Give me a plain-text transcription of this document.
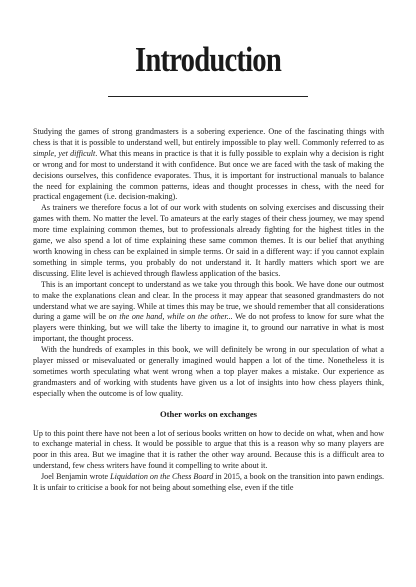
Introduction

Studying the games of strong grandmasters is a sobering experience. One of the fascinating things with chess is that it is possible to understand well, but entirely impossible to play well. Commonly referred to as simple, yet difficult. What this means in practice is that it is fully possible to explain why a decision is right or wrong and for most to understand it with confidence. But once we are faced with the task of making the decisions ourselves, this confidence evaporates. Thus, it is important for instructional manuals to balance the need for explaining the common patterns, ideas and thought processes in chess, with the need for practical engagement (i.e. decision-making).

As trainers we therefore focus a lot of our work with students on solving exercises and discussing their games with them. No matter the level. To amateurs at the early stages of their chess journey, we may spend more time explaining common themes, but to professionals already fighting for the highest titles in the game, we also spend a lot of time explaining these same common themes. It is our belief that anything worth knowing in chess can be explained in simple terms. Or said in a different way: if you cannot explain something in simple terms, you probably do not understand it. It hardly matters which sport we are discussing. Elite level is achieved through flawless application of the basics.

This is an important concept to understand as we take you through this book. We have done our outmost to make the explanations clean and clear. In the process it may appear that seasoned grandmasters do not understand what we are saying. While at times this may be true, we should remember that all considerations during a game will be on the one hand, while on the other... We do not profess to know for sure what the players were thinking, but we will take the liberty to imagine it, to ground our narrative in what is most important, the thought process.

With the hundreds of examples in this book, we will definitely be wrong in our speculation of what a player missed or misevaluated or generally imagined would happen a lot of the time. Nonetheless it is sometimes worth speculating what went wrong when a top player makes a mistake. Our experience as grandmasters and of working with students have given us a lot of insights into how chess players think, especially when the outcome is of low quality.

Other works on exchanges

Up to this point there have not been a lot of serious books written on how to decide on what, when and how to exchange material in chess. It would be possible to argue that this is a reason why so many players are poor in this area. But we imagine that it is rather the other way around. Because this is a difficult area to understand, few chess writers have found it compelling to write about it.

Joel Benjamin wrote Liquidation on the Chess Board in 2015, a book on the transition into pawn endings. It is unfair to criticise a book for not being about something else, even if the title
